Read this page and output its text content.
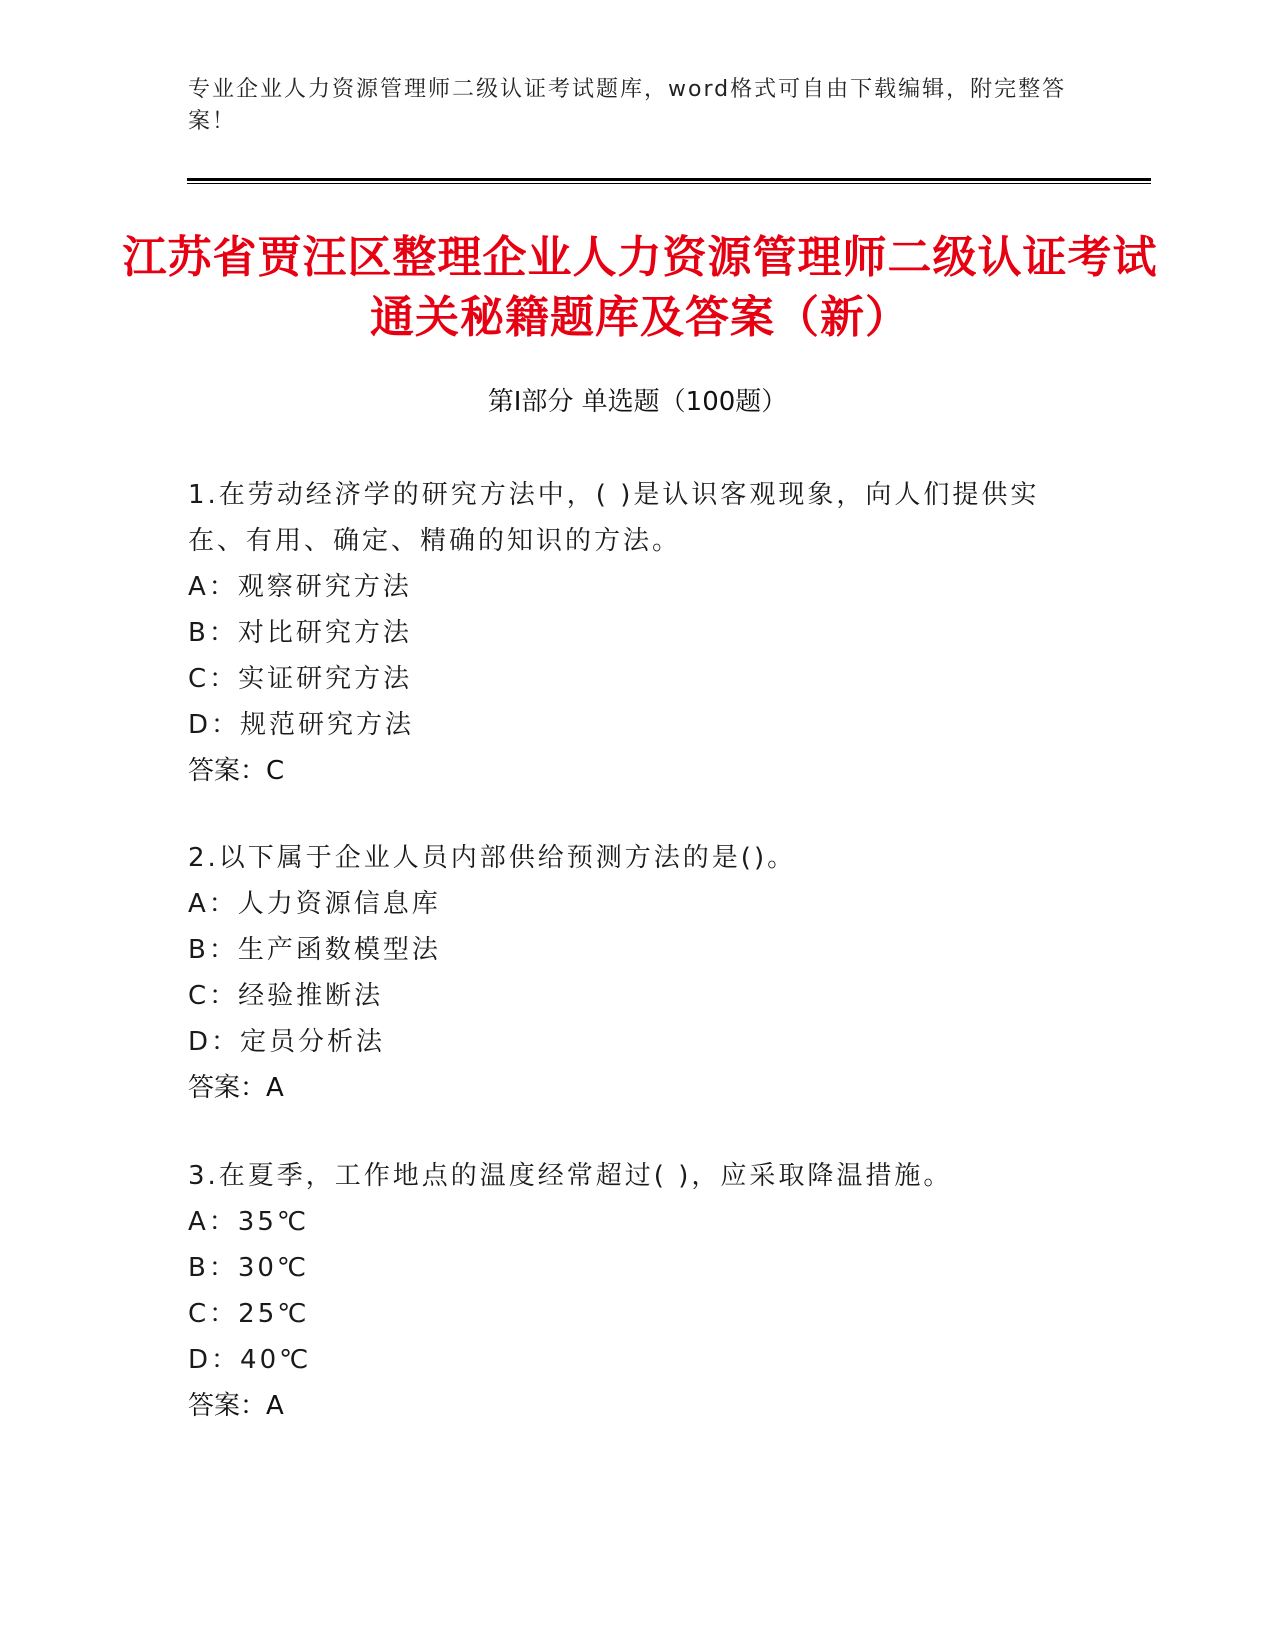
专业企业人力资源管理师二级认证考试题库，word格式可自由下载编辑，附完整答案！
江苏省贾汪区整理企业人力资源管理师二级认证考试通关秘籍题库及答案（新）
第Ⅰ部分 单选题（100题）
1.在劳动经济学的研究方法中，( )是认识客观现象，向人们提供实在、有用、确定、精确的知识的方法。
A：观察研究方法
B：对比研究方法
C：实证研究方法
D：规范研究方法
答案：C
2.以下属于企业人员内部供给预测方法的是()。
A：人力资源信息库
B：生产函数模型法
C：经验推断法
D：定员分析法
答案：A
3.在夏季，工作地点的温度经常超过( )，应采取降温措施。
A：35℃
B：30℃
C：25℃
D：40℃
答案：A
